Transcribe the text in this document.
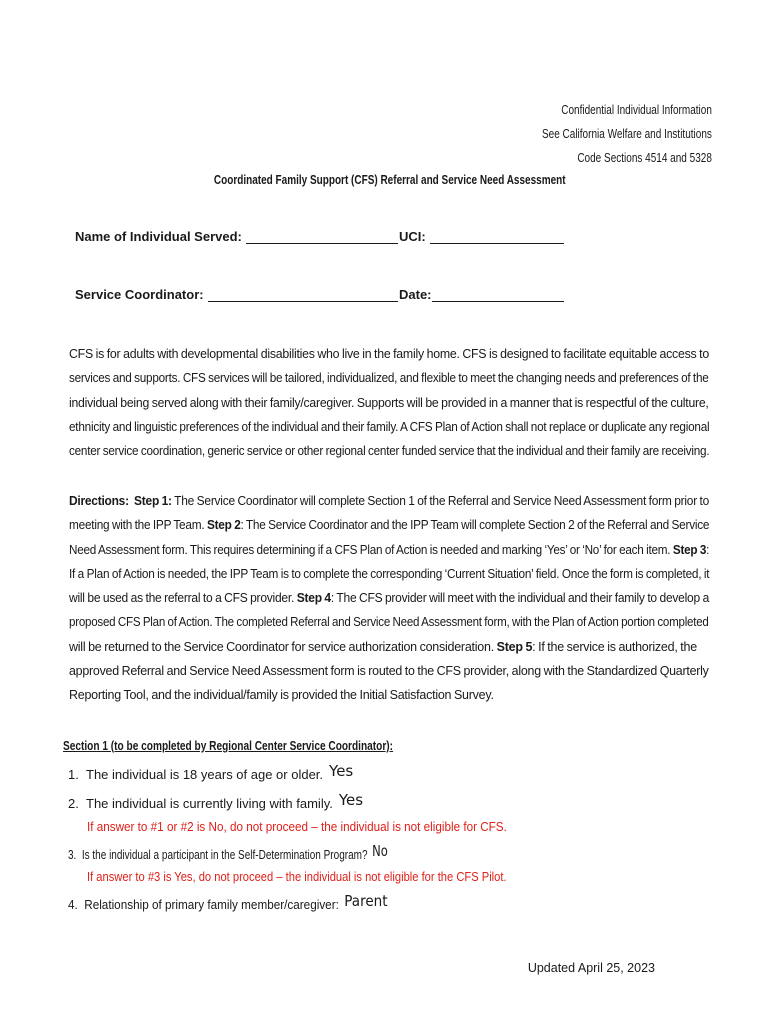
Confidential Individual Information
See California Welfare and Institutions
Code Sections 4514 and 5328
Coordinated Family Support (CFS) Referral and Service Need Assessment
Name of Individual Served:	UCI:
Service Coordinator:	Date:
CFS is for adults with developmental disabilities who live in the family home. CFS is designed to facilitate equitable access to
services and supports. CFS services will be tailored, individualized, and flexible to meet the changing needs and preferences of the
individual being served along with their family/caregiver. Supports will be provided in a manner that is respectful of the culture,
ethnicity and linguistic preferences of the individual and their family. A CFS Plan of Action shall not replace or duplicate any regional
center service coordination, generic service or other regional center funded service that the individual and their family are receiving.
Directions: Step 1: The Service Coordinator will complete Section 1 of the Referral and Service Need Assessment form prior to
meeting with the IPP Team. Step 2: The Service Coordinator and the IPP Team will complete Section 2 of the Referral and Service
Need Assessment form. This requires determining if a CFS Plan of Action is needed and marking ‘Yes’ or ‘No’ for each item. Step 3:
If a Plan of Action is needed, the IPP Team is to complete the corresponding ‘Current Situation’ field. Once the form is completed, it
will be used as the referral to a CFS provider. Step 4: The CFS provider will meet with the individual and their family to develop a
proposed CFS Plan of Action. The completed Referral and Service Need Assessment form, with the Plan of Action portion completed
will be returned to the Service Coordinator for service authorization consideration. Step 5: If the service is authorized, the
approved Referral and Service Need Assessment form is routed to the CFS provider, along with the Standardized Quarterly
Reporting Tool, and the individual/family is provided the Initial Satisfaction Survey.
Section 1 (to be completed by Regional Center Service Coordinator):
1. The individual is 18 years of age or older. Yes
2. The individual is currently living with family. Yes
If answer to #1 or #2 is No, do not proceed – the individual is not eligible for CFS.
3. Is the individual a participant in the Self-Determination Program? No
If answer to #3 is Yes, do not proceed – the individual is not eligible for the CFS Pilot.
4. Relationship of primary family member/caregiver: Parent
Updated April 25, 2023
